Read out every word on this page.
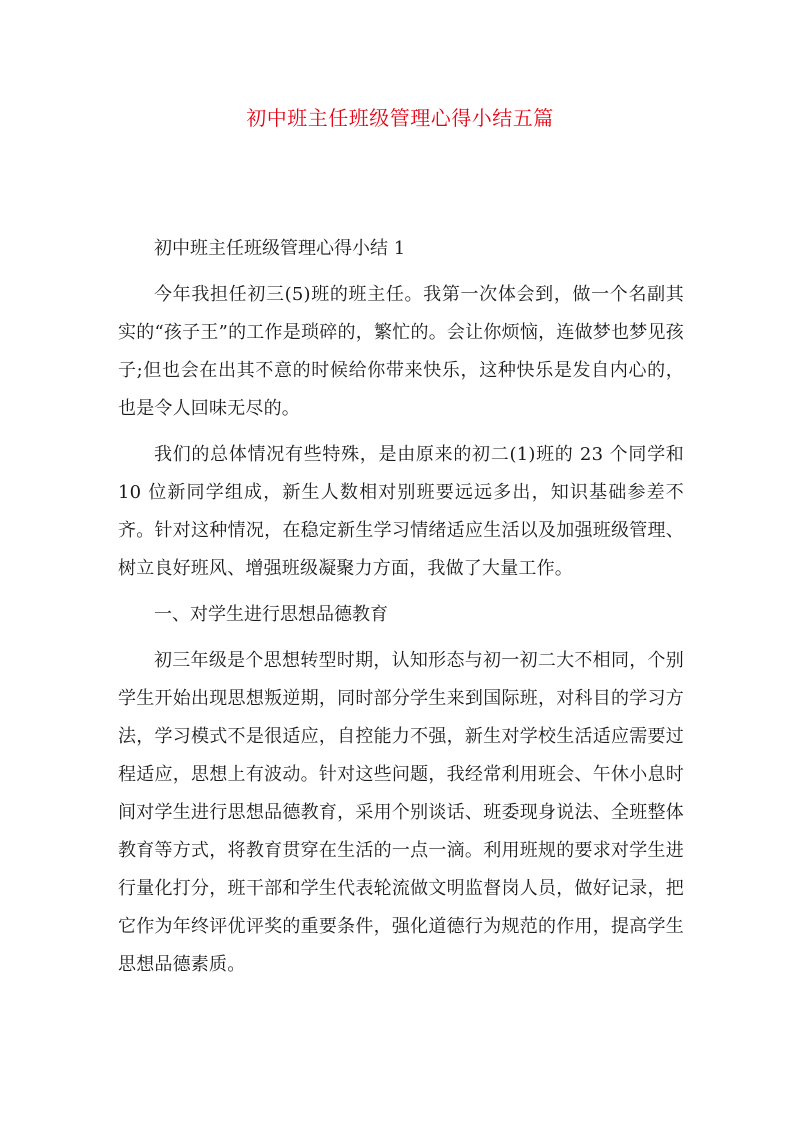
初中班主任班级管理心得小结五篇

初中班主任班级管理心得小结 1

今年我担任初三(5)班的班主任。我第一次体会到，做一个名副其实的“孩子王”的工作是琐碎的，繁忙的。会让你烦恼，连做梦也梦见孩子;但也会在出其不意的时候给你带来快乐，这种快乐是发自内心的，也是令人回味无尽的。

我们的总体情况有些特殊，是由原来的初二(1)班的 23 个同学和 10 位新同学组成，新生人数相对别班要远远多出，知识基础参差不齐。针对这种情况，在稳定新生学习情绪适应生活以及加强班级管理、树立良好班风、增强班级凝聚力方面，我做了大量工作。

一、对学生进行思想品德教育

初三年级是个思想转型时期，认知形态与初一初二大不相同，个别学生开始出现思想叛逆期，同时部分学生来到国际班，对科目的学习方法，学习模式不是很适应，自控能力不强，新生对学校生活适应需要过程适应，思想上有波动。针对这些问题，我经常利用班会、午休小息时间对学生进行思想品德教育，采用个别谈话、班委现身说法、全班整体教育等方式，将教育贯穿在生活的一点一滴。利用班规的要求对学生进行量化打分，班干部和学生代表轮流做文明监督岗人员，做好记录，把它作为年终评优评奖的重要条件，强化道德行为规范的作用，提高学生思想品德素质。
